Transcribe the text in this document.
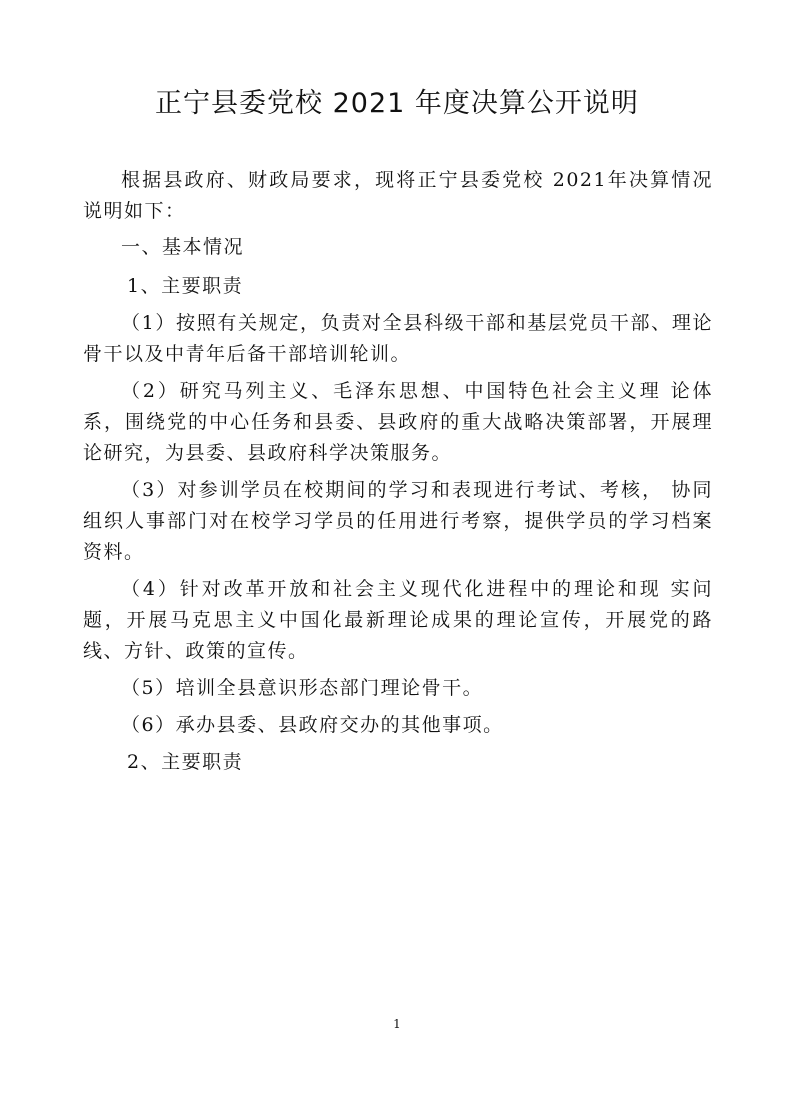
正宁县委党校 2021 年度决算公开说明

根据县政府、财政局要求，现将正宁县委党校 2021年决算情况说明如下：

一、基本情况

1、主要职责

（1）按照有关规定，负责对全县科级干部和基层党员干部、理论骨干以及中青年后备干部培训轮训。

（2）研究马列主义、毛泽东思想、中国特色社会主义理 论体系，围绕党的中心任务和县委、县政府的重大战略决策部署，开展理论研究，为县委、县政府科学决策服务。

（3）对参训学员在校期间的学习和表现进行考试、考核， 协同组织人事部门对在校学习学员的任用进行考察，提供学员的学习档案资料。

（4）针对改革开放和社会主义现代化进程中的理论和现 实问题，开展马克思主义中国化最新理论成果的理论宣传，开展党的路线、方针、政策的宣传。

（5）培训全县意识形态部门理论骨干。

（6）承办县委、县政府交办的其他事项。

2、主要职责

1
